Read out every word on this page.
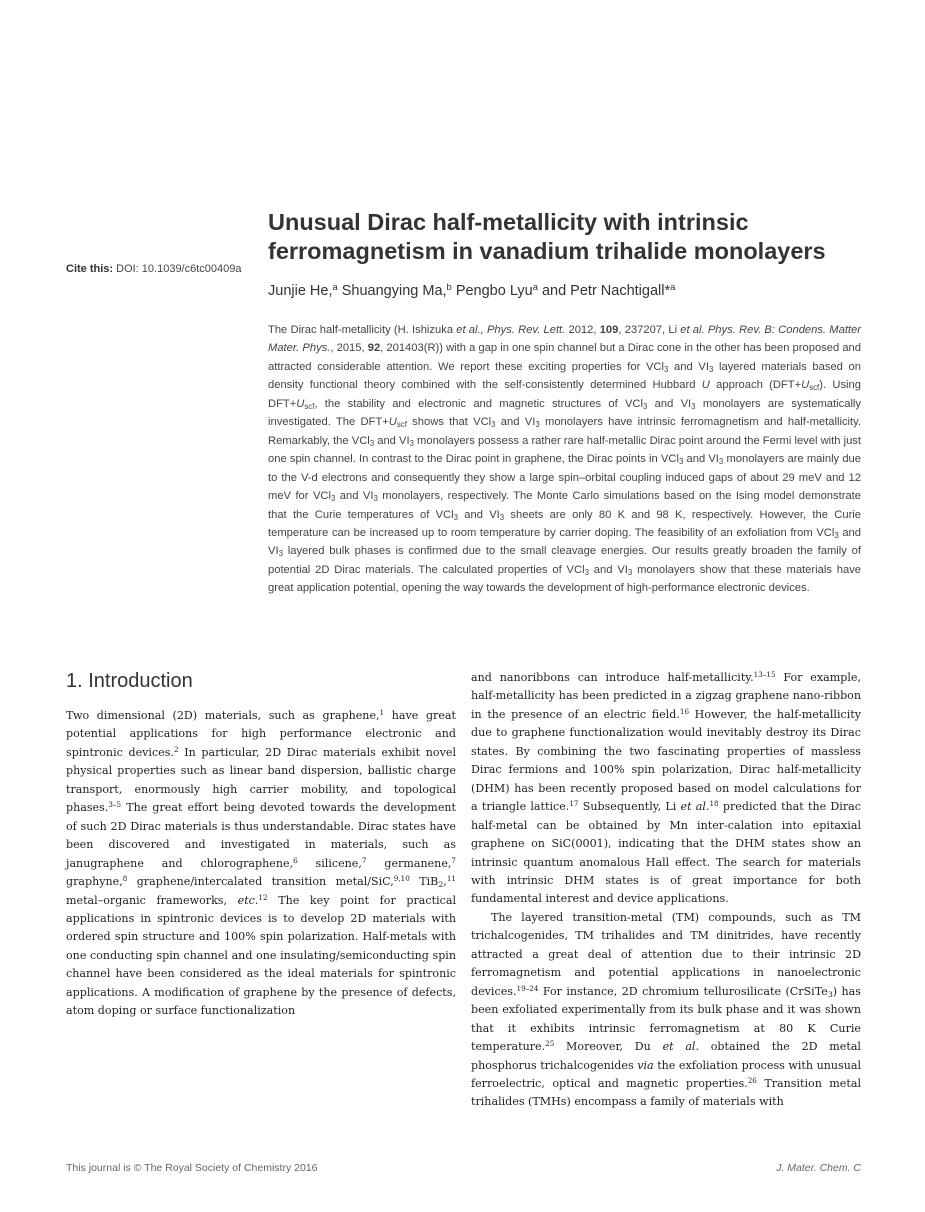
Cite this: DOI: 10.1039/c6tc00409a
Unusual Dirac half-metallicity with intrinsic ferromagnetism in vanadium trihalide monolayers
Junjie He,$^a$ Shuangying Ma,$^b$ Pengbo Lyu$^a$ and Petr Nachtigall*$^a$
The Dirac half-metallicity (H. Ishizuka et al., Phys. Rev. Lett. 2012, 109, 237207, Li et al. Phys. Rev. B: Condens. Matter Mater. Phys., 2015, 92, 201403(R)) with a gap in one spin channel but a Dirac cone in the other has been proposed and attracted considerable attention. We report these exciting properties for VCl$_3$ and $VI_3$ layered materials based on density functional theory combined with the self-consistently determined Hubbard U approach $(DFT+U_{scf})$. Using $DFT+U_{scf}$, the stability and electronic and magnetic structures of VCl$_3$ and $VI_3$ monolayers are systematically investigated. The $DFT+U_{scf}$ shows that VCl$_3$ and $VI_3$ monolayers have intrinsic ferromagnetism and half-metallicity. Remarkably, the VCl$_3$ and $VI_3$ monolayers possess a rather rare half-metallic Dirac point around the Fermi level with just one spin channel. In contrast to the Dirac point in graphene, the Dirac points in VCl$_3$ and $VI_3$ monolayers are mainly due to the V-d electrons and consequently they show a large spin–orbital coupling induced gaps of about 29 meV and 12 meV for VCl$_3$ and $VI_3$ monolayers, respectively. The Monte Carlo simulations based on the Ising model demonstrate that the Curie temperatures of VCl$_3$ and $VI_3$ sheets are only 80 K and 98 K, respectively. However, the Curie temperature can be increased up to room temperature by carrier doping. The feasibility of an exfoliation from VCl$_3$ and $VI_3$ layered bulk phases is confirmed due to the small cleavage energies. Our results greatly broaden the family of potential 2D Dirac materials. The calculated properties of VCl$_3$ and $VI_3$ monolayers show that these materials have great application potential, opening the way towards the development of high-performance electronic devices.
1. Introduction

Two dimensional (2D) materials, such as graphene,$^1$ have great potential applications for high performance electronic and spintronic devices.$^2$ In particular, 2D Dirac materials exhibit novel physical properties such as linear band dispersion, ballistic charge transport, enormously high carrier mobility, and topological phases.$^{3-5}$ The great effort being devoted towards the development of such 2D Dirac materials is thus understandable. Dirac states have been discovered and investigated in materials, such as janugraphene and chlorographene,$^6$ silicene,$^7$ germanene,$^7$ graphyne,$^8$ graphene/intercalated transition metal/SiC,$^{9,10}$ TiB$_2$,$^{11}$ metal–organic frameworks, etc.$^{12}$ The key point for practical applications in spintronic devices is to develop 2D materials with ordered spin structure and 100% spin polarization. Half-metals with one conducting spin channel and one insulating/semiconducting spin channel have been considered as the ideal materials for spintronic applications. A modification of graphene by the presence of defects, atom doping or surface functionalization

and nanoribbons can introduce half-metallicity.$^{13-15}$ For example, half-metallicity has been predicted in a zigzag graphene nano-ribbon in the presence of an electric field.$^{16}$ However, the half-metallicity due to graphene functionalization would inevitably destroy its Dirac states. By combining the two fascinating properties of massless Dirac fermions and 100% spin polarization, Dirac half-metallicity (DHM) has been recently proposed based on model calculations for a triangle lattice.$^{17}$ Subsequently, Li et al.$^{18}$ predicted that the Dirac half-metal can be obtained by Mn inter-calation into epitaxial graphene on SiC(0001), indicating that the DHM states show an intrinsic quantum anomalous Hall effect. The search for materials with intrinsic DHM states is of great importance for both fundamental interest and device applications.

The layered transition-metal (TM) compounds, such as TM trichalcogenides, TM trihalides and TM dinitrides, have recently attracted a great deal of attention due to their intrinsic 2D ferromagnetism and potential applications in nanoelectronic devices.$^{19-24}$ For instance, 2D chromium tellurosilicate (CrSiTe$_3$) has been exfoliated experimentally from its bulk phase and it was shown that it exhibits intrinsic ferromagnetism at 80 K Curie temperature.$^{25}$ Moreover, Du et al. obtained the 2D metal phosphorus trichalcogenides via the exfoliation process with unusual ferroelectric, optical and magnetic properties.$^{26}$ Transition metal trihalides (TMHs) encompass a family of materials with

This journal is © The Royal Society of Chemistry 2016	J. Mater. Chem. C
